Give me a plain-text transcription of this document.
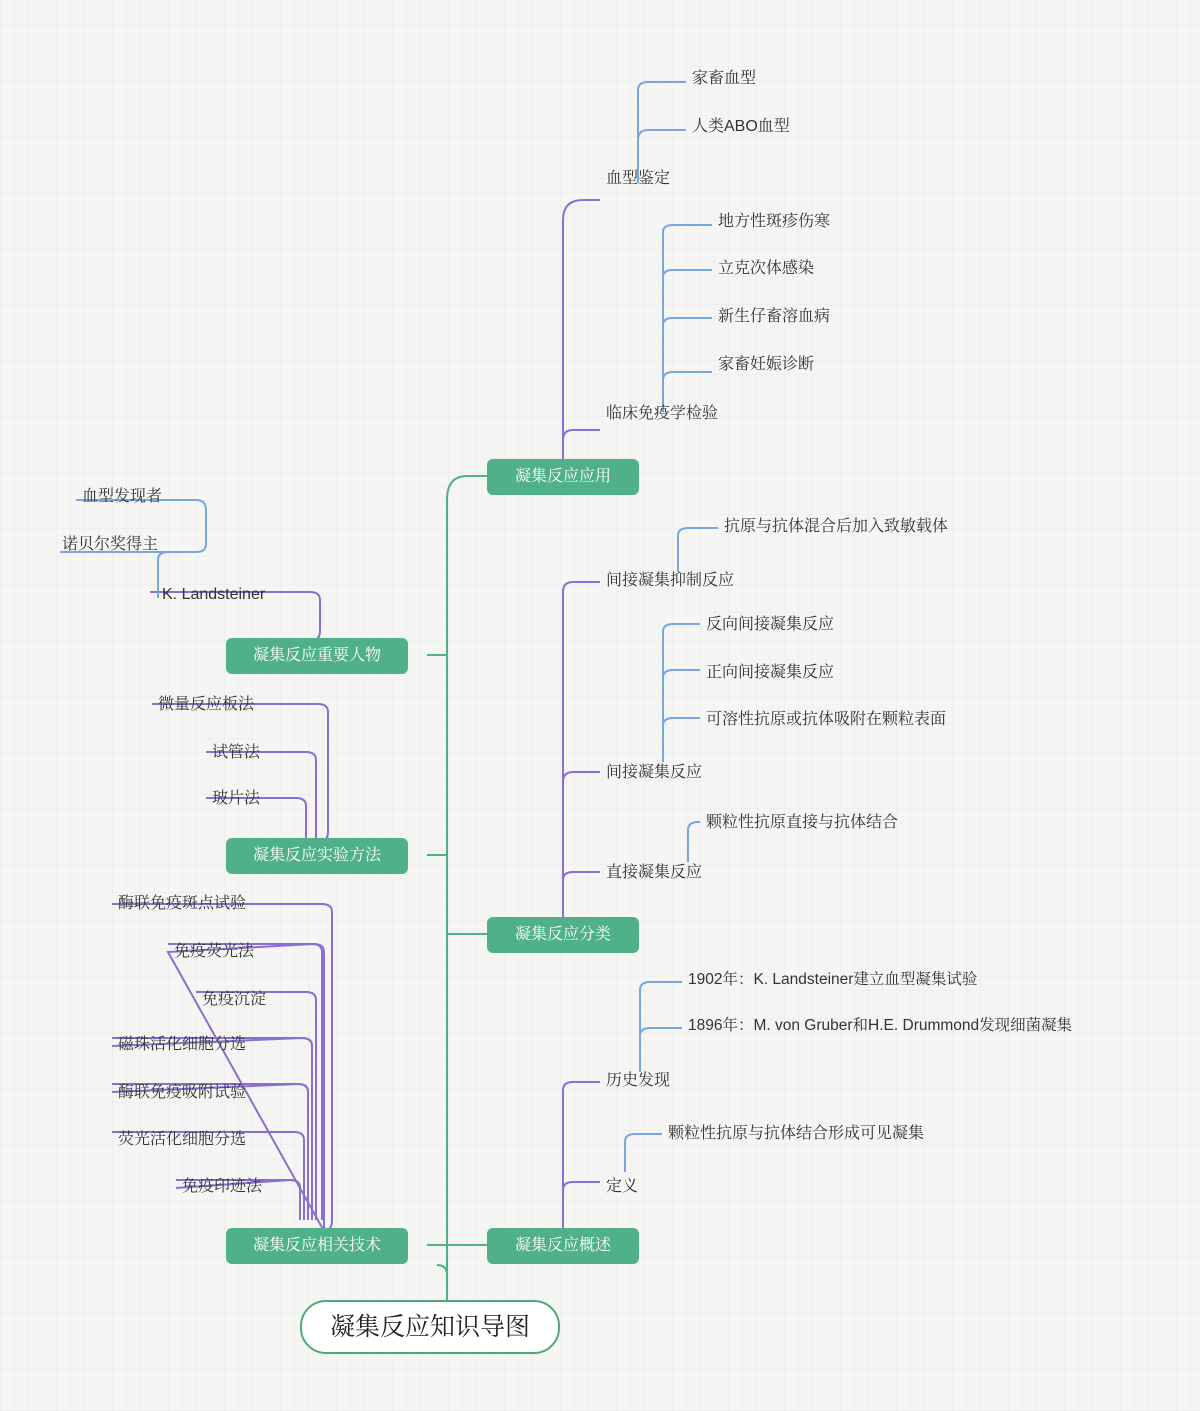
凝集反应知识导图
凝集反应应用
血型鉴定
家畜血型
人类ABO血型
临床免疫学检验
地方性斑疹伤寒
立克次体感染
新生仔畜溶血病
家畜妊娠诊断
凝集反应重要人物
K. Landsteiner
血型发现者
诺贝尔奖得主
凝集反应实验方法
微量反应板法
试管法
玻片法
凝集反应分类
间接凝集抑制反应
抗原与抗体混合后加入致敏载体
间接凝集反应
反向间接凝集反应
正向间接凝集反应
可溶性抗原或抗体吸附在颗粒表面
直接凝集反应
颗粒性抗原直接与抗体结合
凝集反应相关技术
酶联免疫斑点试验
免疫荧光法
免疫沉淀
磁珠活化细胞分选
酶联免疫吸附试验
荧光活化细胞分选
免疫印迹法
凝集反应概述
历史发现
1902年：K. Landsteiner建立血型凝集试验
1896年：M. von Gruber和H.E. Drummond发现细菌凝集
定义
颗粒性抗原与抗体结合形成可见凝集
